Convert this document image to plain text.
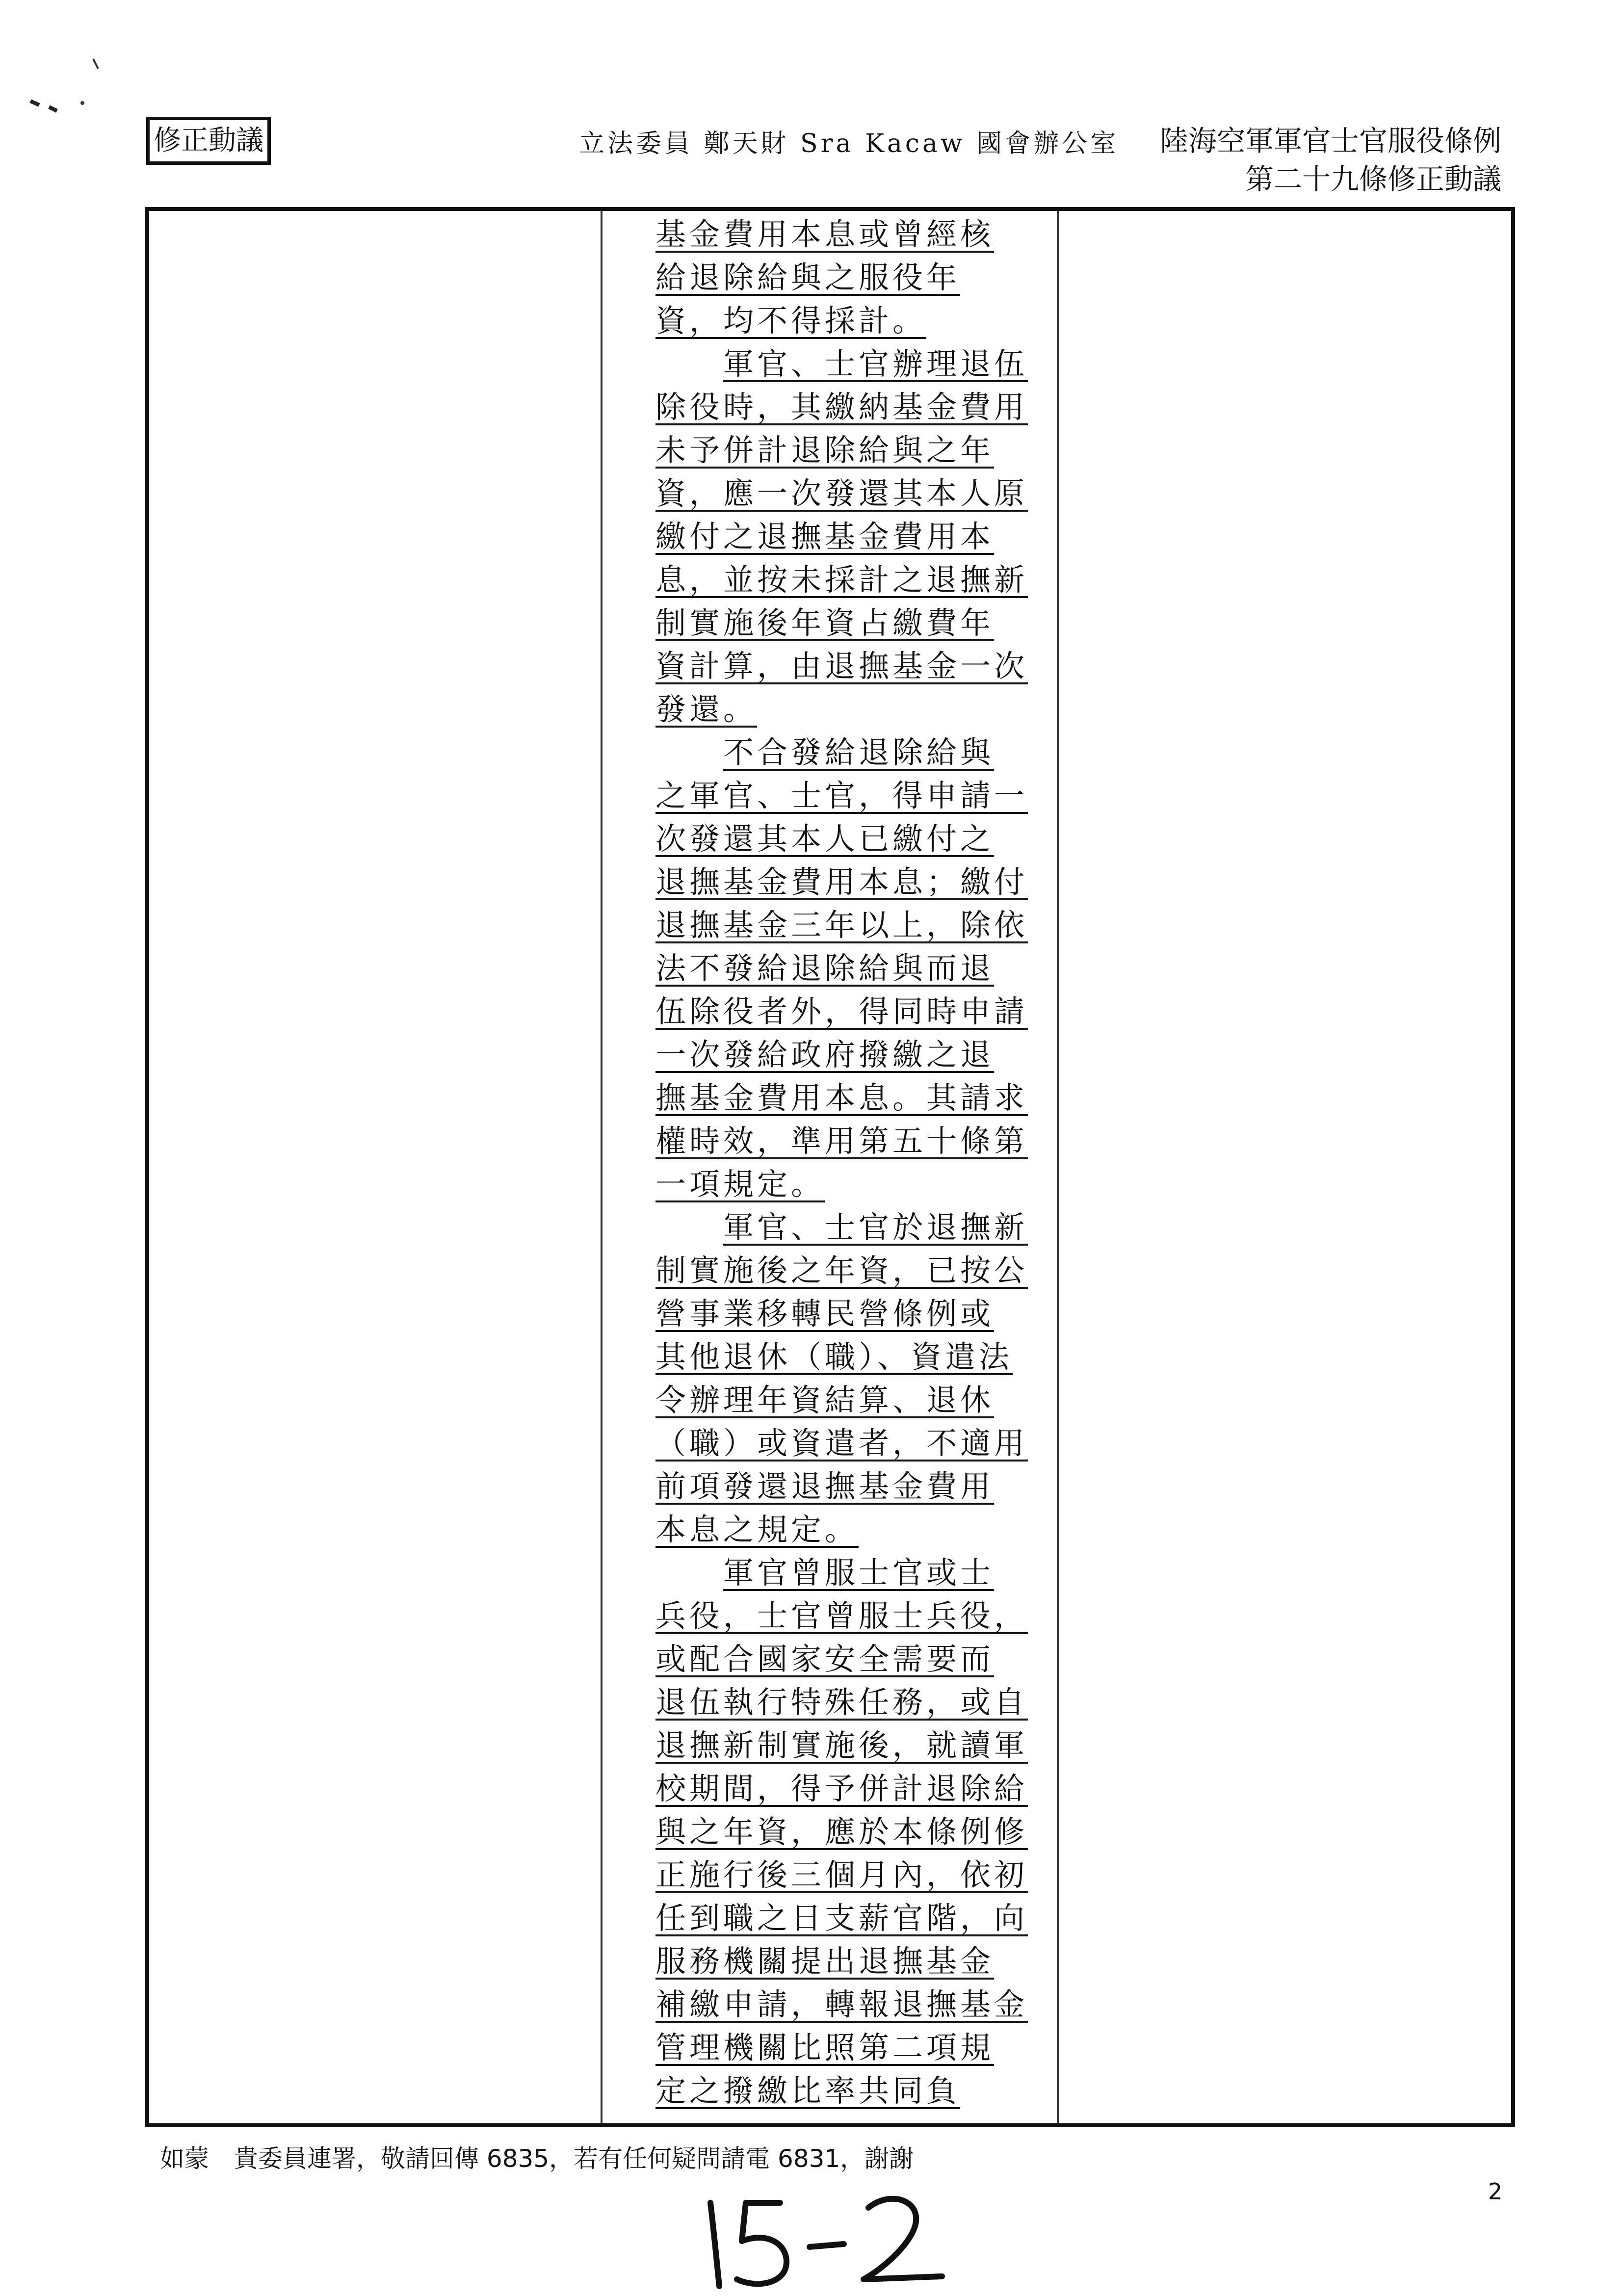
修正動議	立法委員 鄭天財 Sra Kacaw 國會辦公室	陸海空軍軍官士官服役條例
第二十九條修正動議
基金費用本息或曾經核
給退除給與之服役年
資，均不得採計。
軍官、士官辦理退伍
除役時，其繳納基金費用
未予併計退除給與之年
資，應一次發還其本人原
繳付之退撫基金費用本
息，並按未採計之退撫新
制實施後年資占繳費年
資計算，由退撫基金一次
發還。
不合發給退除給與
之軍官、士官，得申請一
次發還其本人已繳付之
退撫基金費用本息；繳付
退撫基金三年以上，除依
法不發給退除給與而退
伍除役者外，得同時申請
一次發給政府撥繳之退
撫基金費用本息。其請求
權時效，準用第五十條第
一項規定。
軍官、士官於退撫新
制實施後之年資，已按公
營事業移轉民營條例或
其他退休（職）、資遣法
令辦理年資結算、退休
（職）或資遣者，不適用
前項發還退撫基金費用
本息之規定。
軍官曾服士官或士
兵役，士官曾服士兵役，
或配合國家安全需要而
退伍執行特殊任務，或自
退撫新制實施後，就讀軍
校期間，得予併計退除給
與之年資，應於本條例修
正施行後三個月內，依初
任到職之日支薪官階，向
服務機關提出退撫基金
補繳申請，轉報退撫基金
管理機關比照第二項規
定之撥繳比率共同負
如蒙　貴委員連署，敬請回傳 6835，若有任何疑問請電 6831，謝謝
2
